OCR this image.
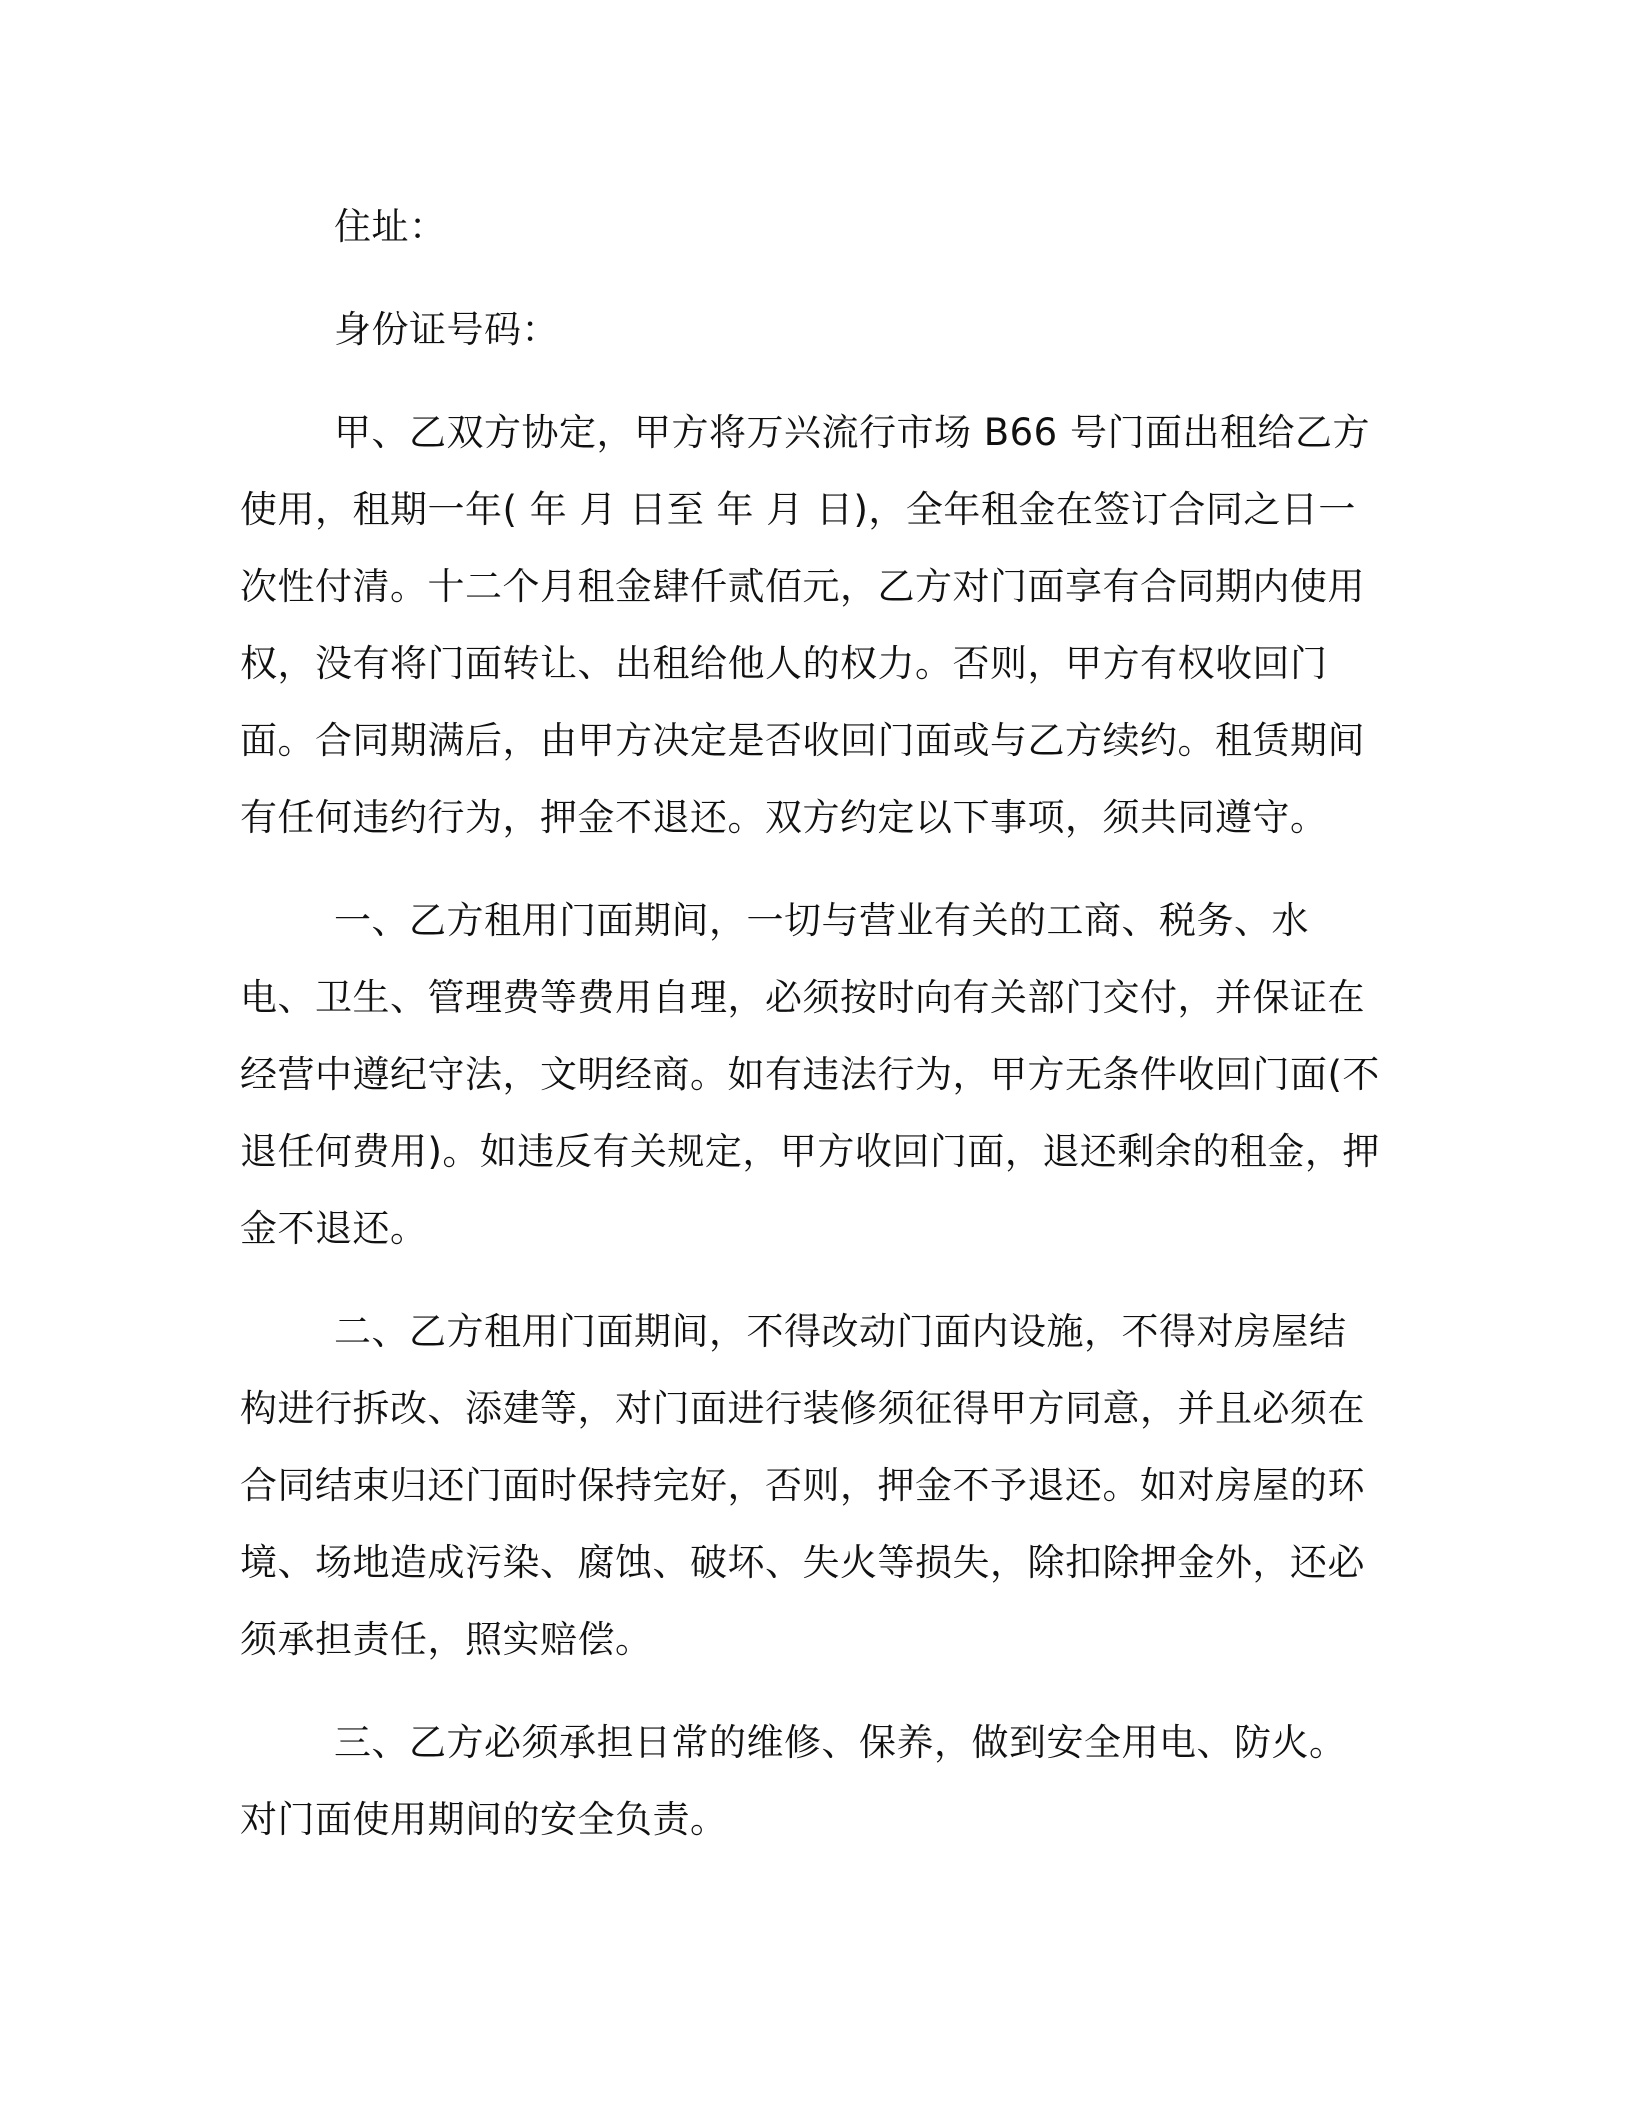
住址：

身份证号码：

甲、乙双方协定，甲方将万兴流行市场 B66 号门面出租给乙方使用，租期一年( 年 月 日至 年 月 日)，全年租金在签订合同之日一次性付清。十二个月租金肆仟贰佰元，乙方对门面享有合同期内使用权，没有将门面转让、出租给他人的权力。否则，甲方有权收回门面。合同期满后，由甲方决定是否收回门面或与乙方续约。租赁期间有任何违约行为，押金不退还。双方约定以下事项，须共同遵守。

一、乙方租用门面期间，一切与营业有关的工商、税务、水电、卫生、管理费等费用自理，必须按时向有关部门交付，并保证在经营中遵纪守法，文明经商。如有违法行为，甲方无条件收回门面(不退任何费用)。如违反有关规定，甲方收回门面，退还剩余的租金，押金不退还。

二、乙方租用门面期间，不得改动门面内设施，不得对房屋结构进行拆改、添建等，对门面进行装修须征得甲方同意，并且必须在合同结束归还门面时保持完好，否则，押金不予退还。如对房屋的环境、场地造成污染、腐蚀、破坏、失火等损失，除扣除押金外，还必须承担责任，照实赔偿。

三、乙方必须承担日常的维修、保养，做到安全用电、防火。对门面使用期间的安全负责。
